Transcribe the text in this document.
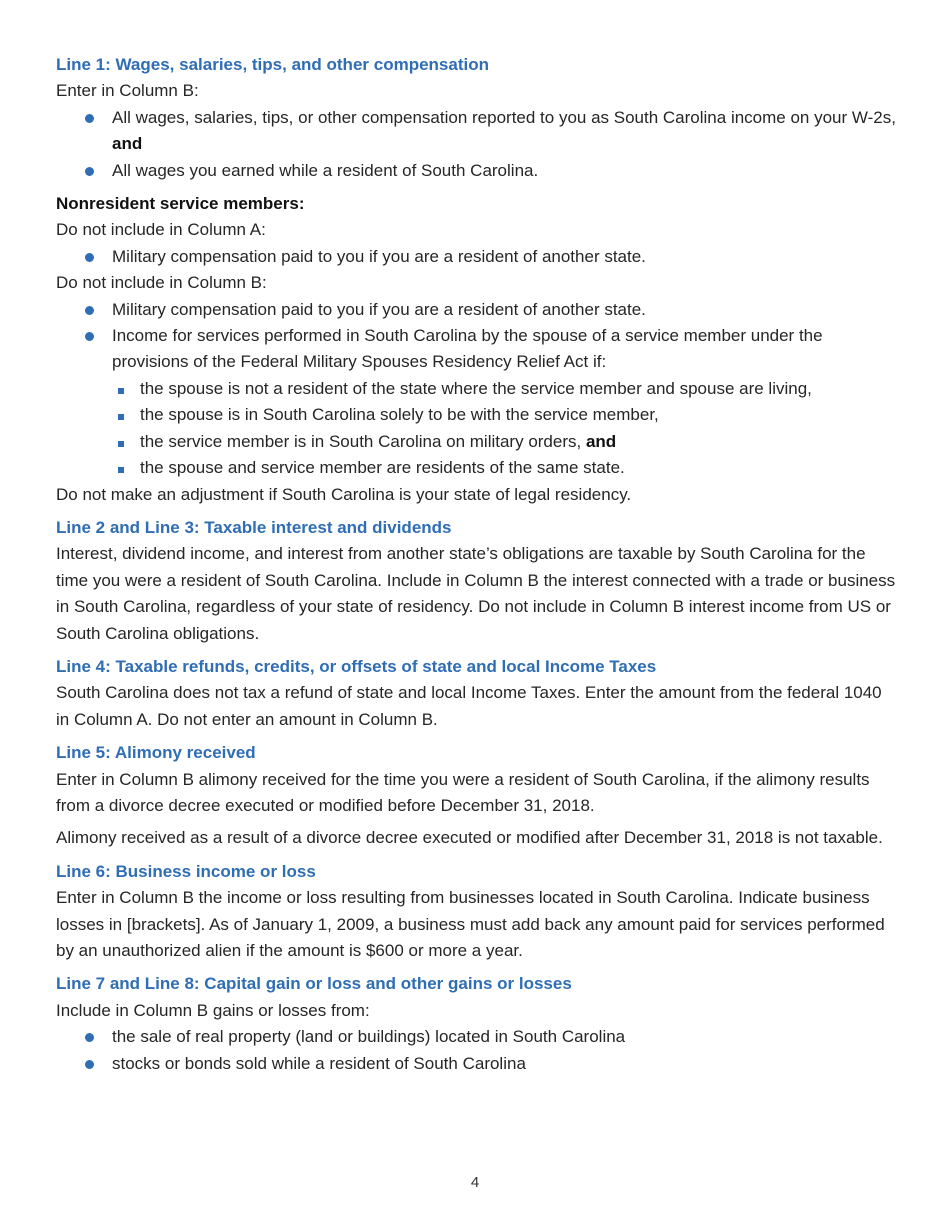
Line 1: Wages, salaries, tips, and other compensation

Enter in Column B:

All wages, salaries, tips, or other compensation reported to you as South Carolina income on your W-2s, and
All wages you earned while a resident of South Carolina.

Nonresident service members:

Do not include in Column A:

Military compensation paid to you if you are a resident of another state.

Do not include in Column B:

Military compensation paid to you if you are a resident of another state.
Income for services performed in South Carolina by the spouse of a service member under the provisions of the Federal Military Spouses Residency Relief Act if:
the spouse is not a resident of the state where the service member and spouse are living,
the spouse is in South Carolina solely to be with the service member,
the service member is in South Carolina on military orders, and
the spouse and service member are residents of the same state.

Do not make an adjustment if South Carolina is your state of legal residency.

Line 2 and Line 3: Taxable interest and dividends

Interest, dividend income, and interest from another state’s obligations are taxable by South Carolina for the time you were a resident of South Carolina. Include in Column B the interest connected with a trade or business in South Carolina, regardless of your state of residency. Do not include in Column B interest income from US or South Carolina obligations.

Line 4: Taxable refunds, credits, or offsets of state and local Income Taxes

South Carolina does not tax a refund of state and local Income Taxes. Enter the amount from the federal 1040 in Column A. Do not enter an amount in Column B.

Line 5: Alimony received

Enter in Column B alimony received for the time you were a resident of South Carolina, if the alimony results from a divorce decree executed or modified before December 31, 2018.

Alimony received as a result of a divorce decree executed or modified after December 31, 2018 is not taxable.

Line 6: Business income or loss

Enter in Column B the income or loss resulting from businesses located in South Carolina. Indicate business losses in [brackets]. As of January 1, 2009, a business must add back any amount paid for services performed by an unauthorized alien if the amount is $600 or more a year.

Line 7 and Line 8: Capital gain or loss and other gains or losses

Include in Column B gains or losses from:

the sale of real property (land or buildings) located in South Carolina
stocks or bonds sold while a resident of South Carolina
4
